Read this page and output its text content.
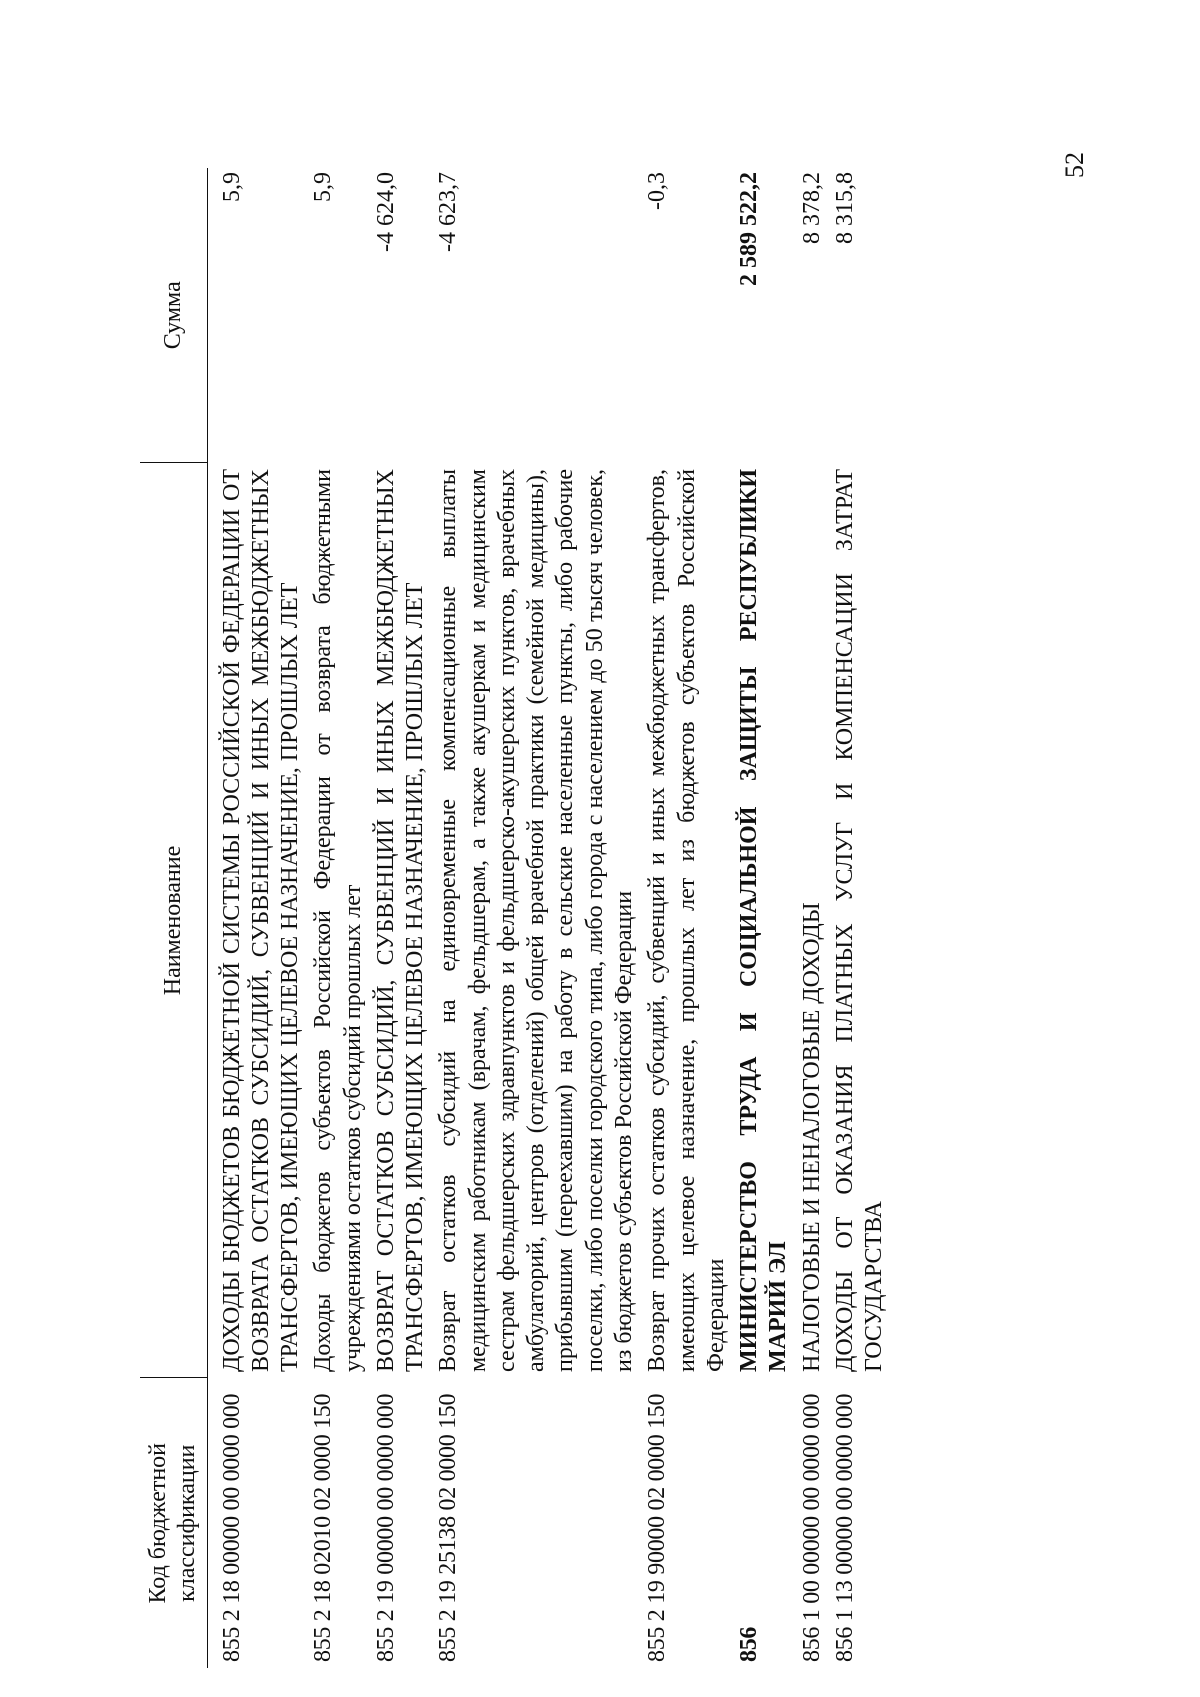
52
Код бюджетной классификации	Наименование	Сумма
855 2 18 00000 00 0000 000	ДОХОДЫ БЮДЖЕТОВ БЮДЖЕТНОЙ СИСТЕМЫ РОССИЙСКОЙ ФЕДЕРАЦИИ ОТ ВОЗВРАТА ОСТАТКОВ СУБСИДИЙ, СУБВЕНЦИЙ И ИНЫХ МЕЖБЮДЖЕТНЫХ ТРАНСФЕРТОВ, ИМЕЮЩИХ ЦЕЛЕВОЕ НАЗНАЧЕНИЕ, ПРОШЛЫХ ЛЕТ	5,9
855 2 18 02010 02 0000 150	Доходы бюджетов субъектов Российской Федерации от возврата бюджетными учреждениями остатков субсидий прошлых лет	5,9
855 2 19 00000 00 0000 000	ВОЗВРАТ ОСТАТКОВ СУБСИДИЙ, СУБВЕНЦИЙ И ИНЫХ МЕЖБЮДЖЕТНЫХ ТРАНСФЕРТОВ, ИМЕЮЩИХ ЦЕЛЕВОЕ НАЗНАЧЕНИЕ, ПРОШЛЫХ ЛЕТ	-4 624,0
855 2 19 25138 02 0000 150	Возврат остатков субсидий на единовременные компенсационные выплаты медицинским работникам (врачам, фельдшерам, а также акушеркам и медицинским сестрам фельдшерских здравпунктов и фельдшерско-акушерских пунктов, врачебных амбулаторий, центров (отделений) общей врачебной практики (семейной медицины), прибывшим (переехавшим) на работу в сельские населенные пункты, либо рабочие поселки, либо поселки городского типа, либо города с населением до 50 тысяч человек, из бюджетов субъектов Российской Федерации	-4 623,7
855 2 19 90000 02 0000 150	Возврат прочих остатков субсидий, субвенций и иных межбюджетных трансфертов, имеющих целевое назначение, прошлых лет из бюджетов субъектов Российской Федерации	-0,3
856	МИНИСТЕРСТВО ТРУДА И СОЦИАЛЬНОЙ ЗАЩИТЫ РЕСПУБЛИКИ МАРИЙ ЭЛ	2 589 522,2
856 1 00 00000 00 0000 000	НАЛОГОВЫЕ И НЕНАЛОГОВЫЕ ДОХОДЫ	8 378,2
856 1 13 00000 00 0000 000	ДОХОДЫ ОТ ОКАЗАНИЯ ПЛАТНЫХ УСЛУГ И КОМПЕНСАЦИИ ЗАТРАТ ГОСУДАРСТВА	8 315,8
